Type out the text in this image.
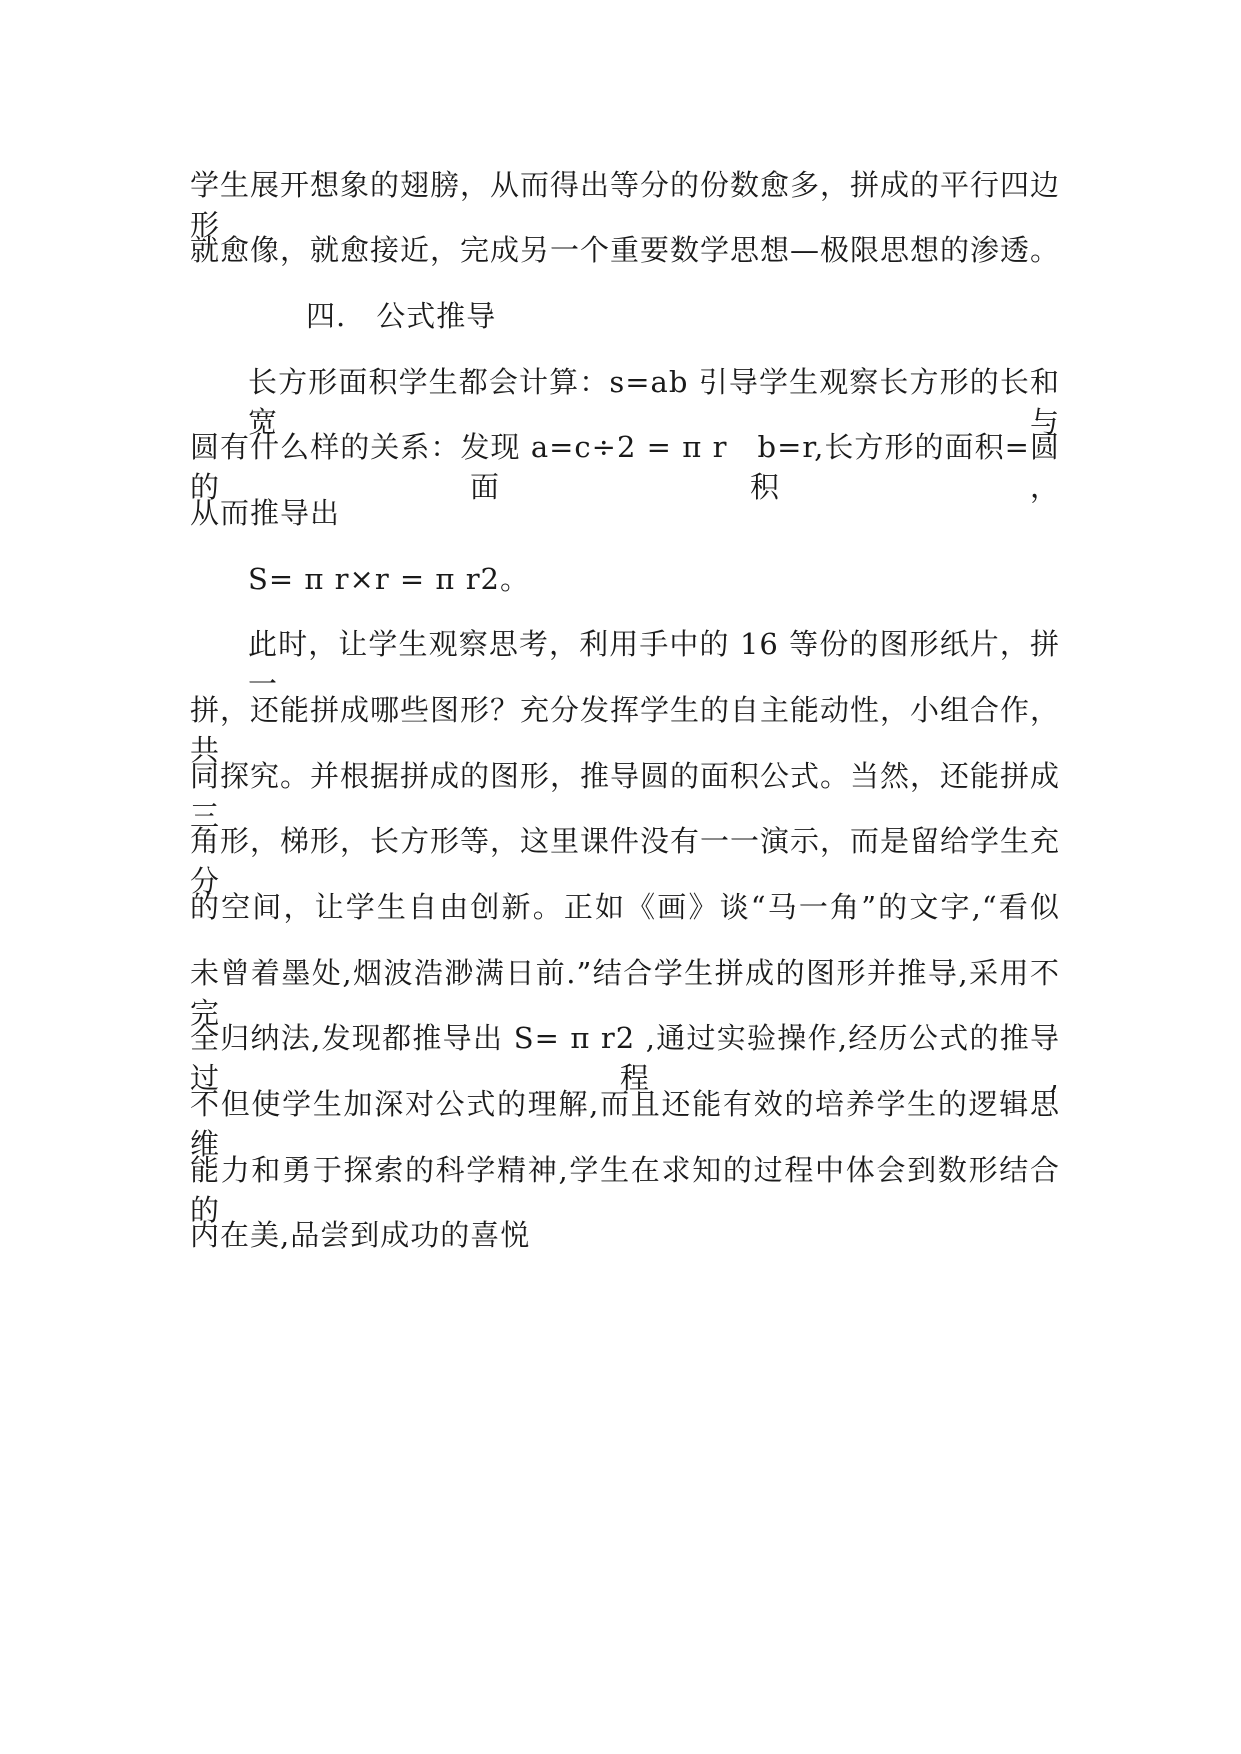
学生展开想象的翅膀，从而得出等分的份数愈多，拼成的平行四边形
就愈像，就愈接近，完成另一个重要数学思想—极限思想的渗透。
四.　公式推导
长方形面积学生都会计算：s=ab 引导学生观察长方形的长和宽与
圆有什么样的关系：发现 a=c÷2 = π r　b=r,长方形的面积=圆的面积，
从而推导出
S= π r×r = π r2。
此时，让学生观察思考，利用手中的 16 等份的图形纸片，拼一
拼，还能拼成哪些图形？充分发挥学生的自主能动性，小组合作，共
同探究。并根据拼成的图形，推导圆的面积公式。当然，还能拼成三
角形，梯形，长方形等，这里课件没有一一演示，而是留给学生充分
的空间，让学生自由创新。正如《画》谈“马一角”的文字,“看似
未曾着墨处,烟波浩渺满日前.”结合学生拼成的图形并推导,采用不完
全归纳法,发现都推导出 S= π r2 ,通过实验操作,经历公式的推导过程,
不但使学生加深对公式的理解,而且还能有效的培养学生的逻辑思维
能力和勇于探索的科学精神,学生在求知的过程中体会到数形结合的
内在美,品尝到成功的喜悦
